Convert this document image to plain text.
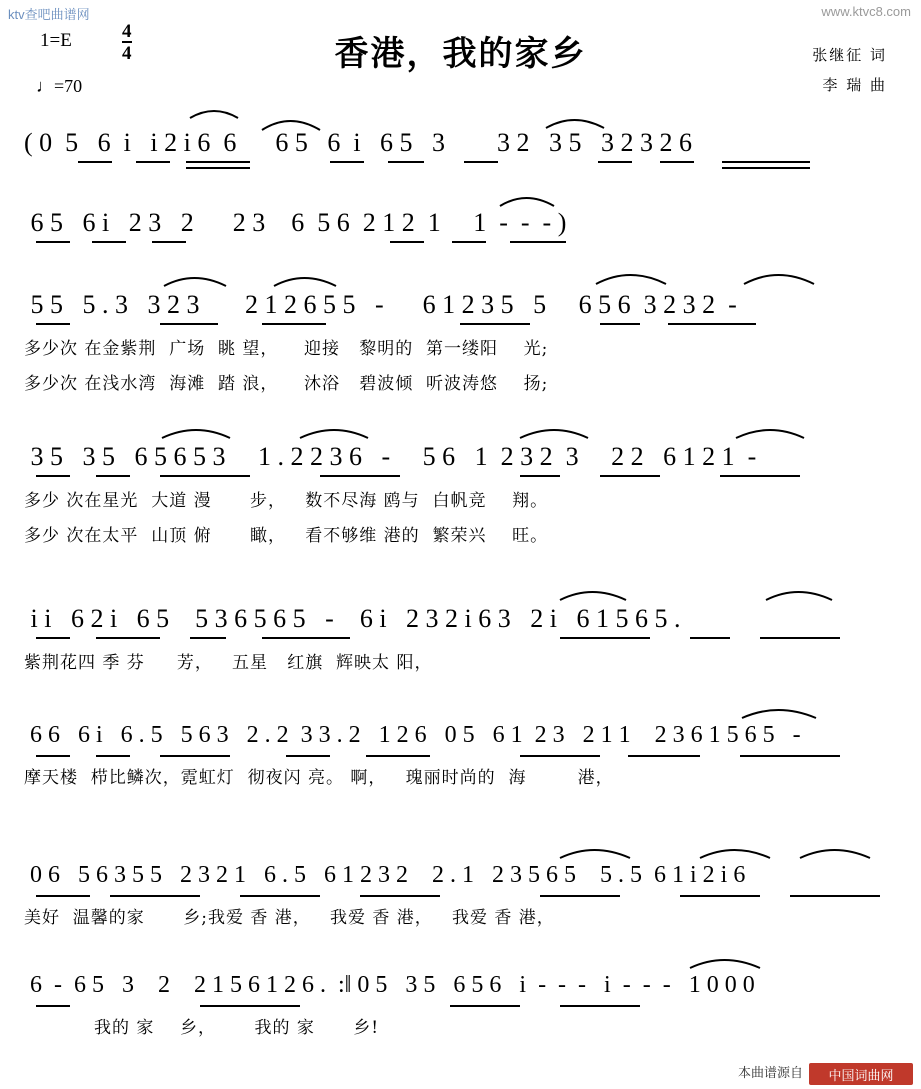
ktv查吧曲谱网	www.ktvc8.com
香港，我的家乡
1=E	$\frac{4}{4}$
♩=70
张继征 词
李 瑞 曲
( 0  5   6  i   i 2 i 6  6      6 5   6  i   6 5   3        3 2   3 5   3 2 3 2 6
6 5   6 i   2 3   2      2 3    6  5 6  2 1 2  1     1  -  -  - )
5 5   5 . 3   3 2 3       2 1 2 6 5 5   -      6 1 2 3 5   5     6 5 6  3 2 3 2  -
多少次 在金紫荆  广场  眺 望，    迎接   黎明的  第一缕阳    光;
多少次 在浅水湾  海滩  踏 浪，    沐浴   碧波倾  听波涛悠    扬;
3 5   3 5   6 5 6 5 3     1 . 2 2 3 6   -     5 6   1  2 3 2  3     2 2   6 1 2 1  -
多少 次在星光  大道 漫      步，   数不尽海 鸥与  白帆竞    翔。
多少 次在太平  山顶 俯      瞰，   看不够维 港的  繁荣兴    旺。
i i   6 2 i   6 5    5 3 6 5 6 5   -    6 i   2 3 2 i 6 3   2 i   6 1 5 6 5 .
紫荆花四 季 芬     芳，   五星   红旗  辉映太 阳，
6 6   6 i   6 . 5   5 6 3   2 . 2  3 3 . 2   1 2 6   0 5   6 1  2 3   2 1 1    2 3 6 1 5 6 5   -
摩天楼  栉比鳞次，霓虹灯  彻夜闪 亮。 啊，   瑰丽时尚的  海        港，
0 6   5 6 3 5 5   2 3 2 1   6 . 5   6 1 2 3 2    2 . 1   2 3 5 6 5    5 . 5  6 1 i 2 i 6
美好  温馨的家      乡;我爱 香 港，   我爱 香 港，   我爱 香 港，
6  -  6 5   3    2    2 1 5 6 1 2 6 .  :‖ 0 5   3 5   6 5 6   i  -  -  -   i  -  -  -   1 0 0 0
我的 家    乡，      我的 家      乡!
本曲谱源自	中国词曲网
